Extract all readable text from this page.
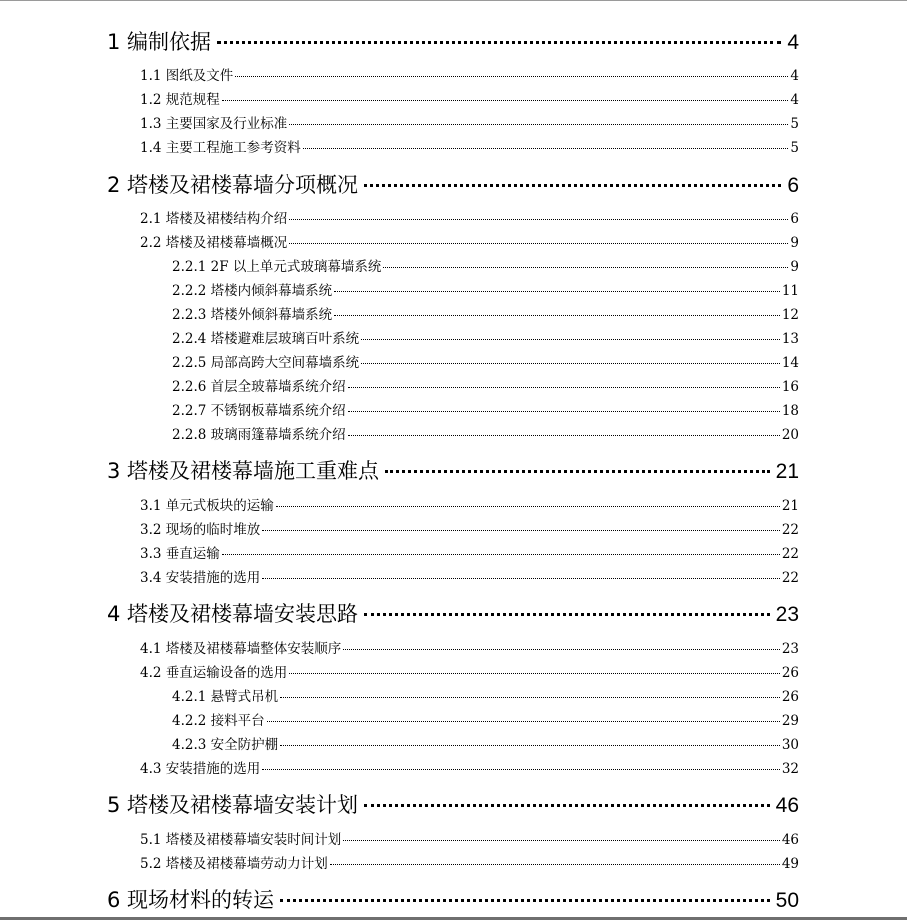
1 编制依据	4
1.1 图纸及文件	4
1.2 规范规程	4
1.3 主要国家及行业标准	5
1.4 主要工程施工参考资料	5
2 塔楼及裙楼幕墙分项概况	6
2.1 塔楼及裙楼结构介绍	6
2.2 塔楼及裙楼幕墙概况	9
2.2.1 2F 以上单元式玻璃幕墙系统	9
2.2.2 塔楼内倾斜幕墙系统	11
2.2.3 塔楼外倾斜幕墙系统	12
2.2.4 塔楼避难层玻璃百叶系统	13
2.2.5 局部高跨大空间幕墙系统	14
2.2.6 首层全玻幕墙系统介绍	16
2.2.7 不锈钢板幕墙系统介绍	18
2.2.8 玻璃雨篷幕墙系统介绍	20
3 塔楼及裙楼幕墙施工重难点	21
3.1 单元式板块的运输	21
3.2 现场的临时堆放	22
3.3 垂直运输	22
3.4 安装措施的选用	22
4 塔楼及裙楼幕墙安装思路	23
4.1 塔楼及裙楼幕墙整体安装顺序	23
4.2 垂直运输设备的选用	26
4.2.1 悬臂式吊机	26
4.2.2 接料平台	29
4.2.3 安全防护棚	30
4.3 安装措施的选用	32
5 塔楼及裙楼幕墙安装计划	46
5.1 塔楼及裙楼幕墙安装时间计划	46
5.2 塔楼及裙楼幕墙劳动力计划	49
6 现场材料的转运	50
